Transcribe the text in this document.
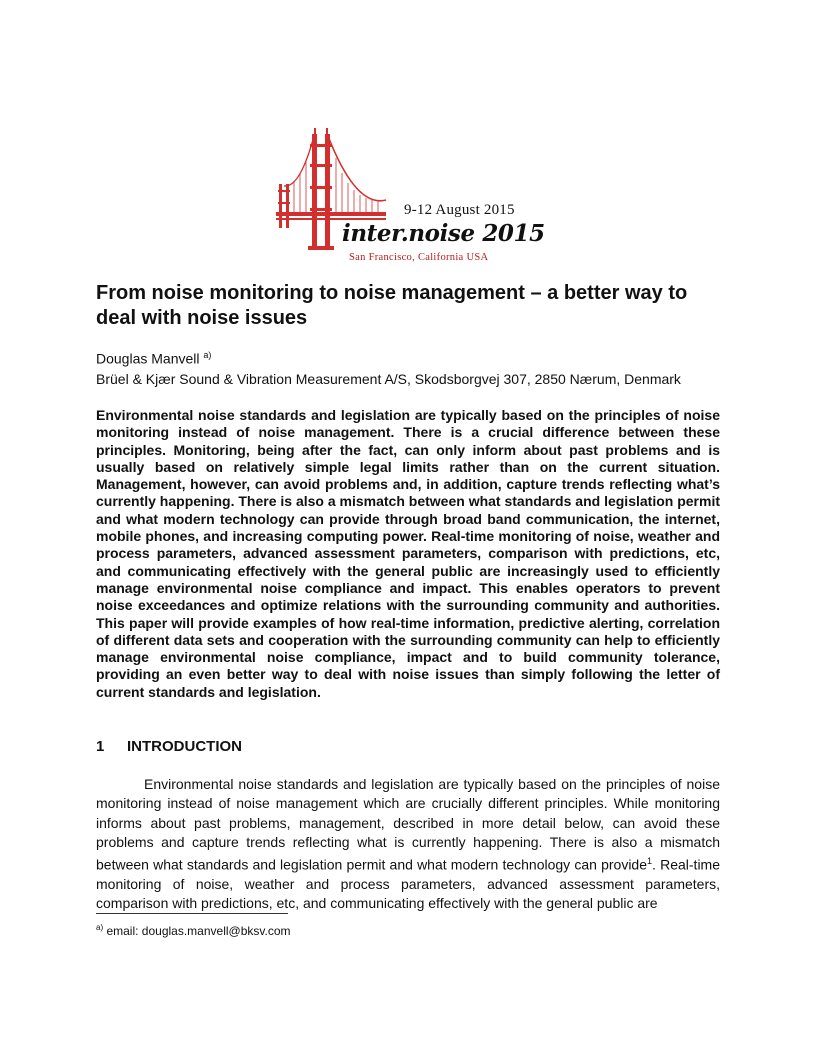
9-12 August 2015
inter.noise 2015
San Francisco, California USA
From noise monitoring to noise management – a better way to deal with noise issues
Douglas Manvell $^{a)}$
Brüel & Kjær Sound & Vibration Measurement A/S, Skodsborgvej 307, 2850 Nærum, Denmark

Environmental noise standards and legislation are typically based on the principles of noise monitoring instead of noise management. There is a crucial difference between these principles. Monitoring, being after the fact, can only inform about past problems and is usually based on relatively simple legal limits rather than on the current situation. Management, however, can avoid problems and, in addition, capture trends reflecting what’s currently happening. There is also a mismatch between what standards and legislation permit and what modern technology can provide through broad band communication, the internet, mobile phones, and increasing computing power. Real-time monitoring of noise, weather and process parameters, advanced assessment parameters, comparison with predictions, etc, and communicating effectively with the general public are increasingly used to efficiently manage environmental noise compliance and impact. This enables operators to prevent noise exceedances and optimize relations with the surrounding community and authorities. This paper will provide examples of how real-time information, predictive alerting, correlation of different data sets and cooperation with the surrounding community can help to efficiently manage environmental noise compliance, impact and to build community tolerance, providing an even better way to deal with noise issues than simply following the letter of current standards and legislation.

1 INTRODUCTION

Environmental noise standards and legislation are typically based on the principles of noise monitoring instead of noise management which are crucially different principles. While monitoring informs about past problems, management, described in more detail below, can avoid these problems and capture trends reflecting what is currently happening. There is also a mismatch between what standards and legislation permit and what modern technology can provide$^1$. Real-time monitoring of noise, weather and process parameters, advanced assessment parameters, comparison with predictions, etc, and communicating effectively with the general public are

$^{a)}$ email: douglas.manvell@bksv.com
